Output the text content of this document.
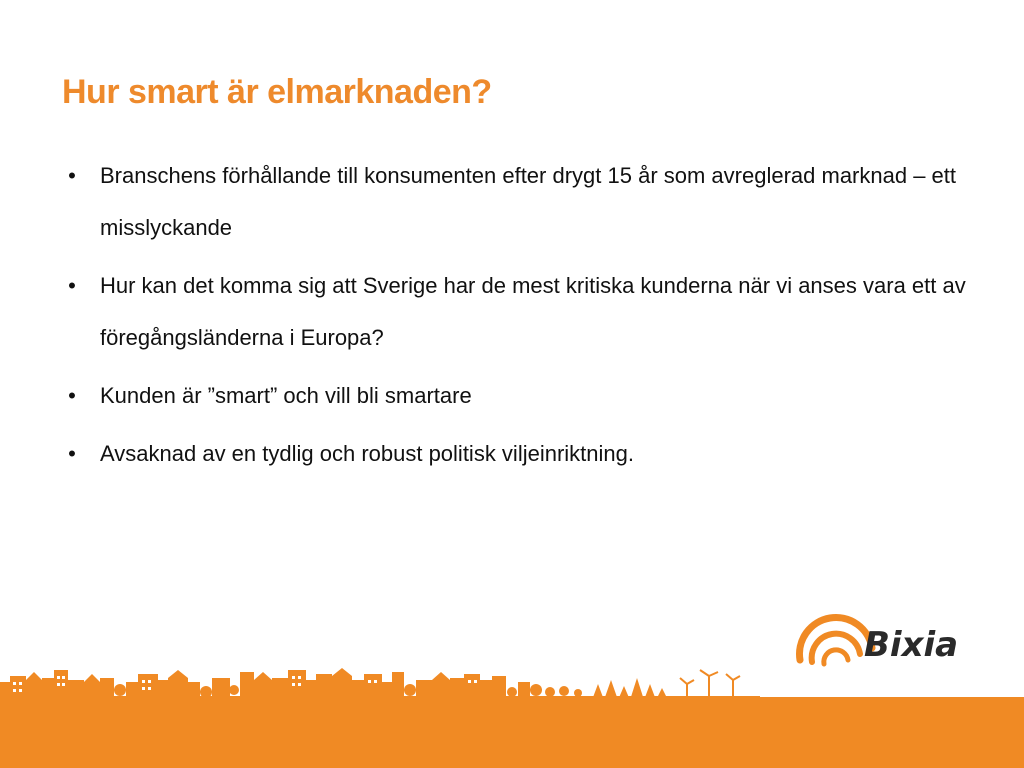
Hur smart är elmarknaden?
• Branschens förhållande till konsumenten efter drygt 15 år som avreglerad marknad – ett misslyckande
• Hur kan det komma sig att Sverige har de mest kritiska kunderna när vi anses vara ett av föregångsländerna i Europa?
• Kunden är ”smart” och vill bli smartare
• Avsaknad av en tydlig och robust politisk viljeinriktning.
Bixia
